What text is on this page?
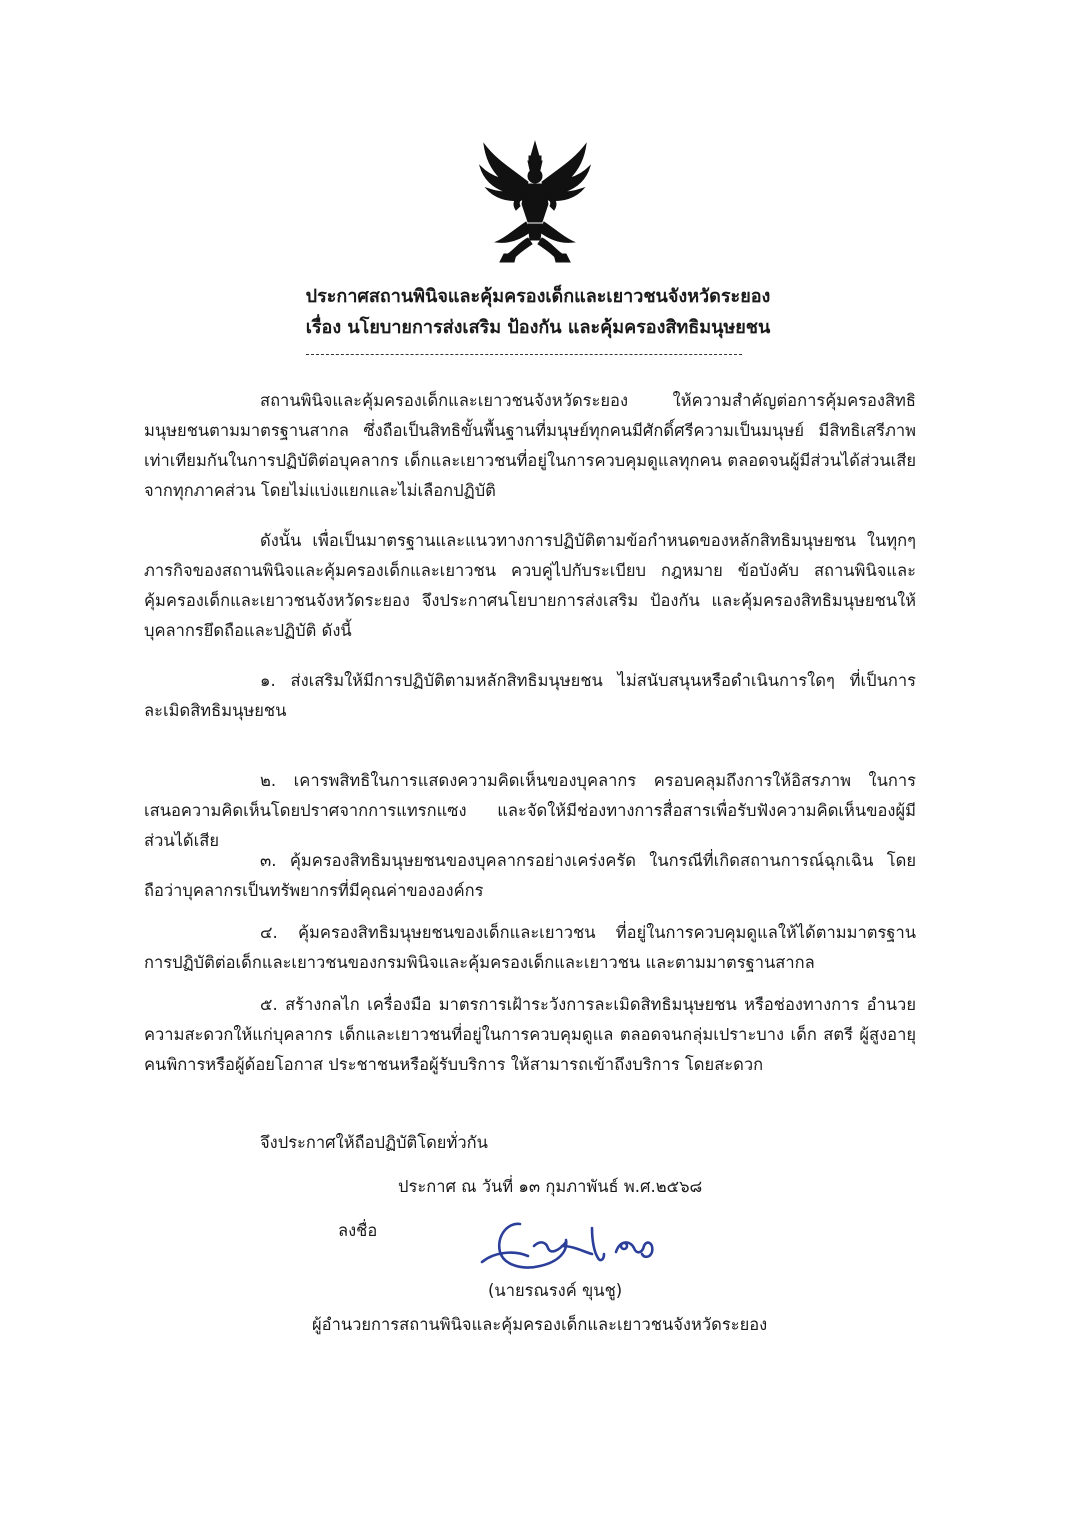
ประกาศสถานพินิจและคุ้มครองเด็กและเยาวชนจังหวัดระยอง
เรื่อง นโยบายการส่งเสริม ป้องกัน และคุ้มครองสิทธิมนุษยชน

สถานพินิจและคุ้มครองเด็กและเยาวชนจังหวัดระยอง ให้ความสำคัญต่อการคุ้มครองสิทธิมนุษยชนตามมาตรฐานสากล ซึ่งถือเป็นสิทธิขั้นพื้นฐานที่มนุษย์ทุกคนมีศักดิ์ศรีความเป็นมนุษย์ มีสิทธิเสรีภาพเท่าเทียมกันในการปฏิบัติต่อบุคลากร เด็กและเยาวชนที่อยู่ในการควบคุมดูแลทุกคน ตลอดจนผู้มีส่วนได้ส่วนเสียจากทุกภาคส่วน โดยไม่แบ่งแยกและไม่เลือกปฏิบัติ

ดังนั้น เพื่อเป็นมาตรฐานและแนวทางการปฏิบัติตามข้อกำหนดของหลักสิทธิมนุษยชน ในทุกๆ ภารกิจของสถานพินิจและคุ้มครองเด็กและเยาวชน ควบคู่ไปกับระเบียบ กฎหมาย ข้อบังคับ สถานพินิจและคุ้มครองเด็กและเยาวชนจังหวัดระยอง จึงประกาศนโยบายการส่งเสริม ป้องกัน และคุ้มครองสิทธิมนุษยชนให้บุคลากรยึดถือและปฏิบัติ ดังนี้

๑. ส่งเสริมให้มีการปฏิบัติตามหลักสิทธิมนุษยชน ไม่สนับสนุนหรือดำเนินการใดๆ ที่เป็นการละเมิดสิทธิมนุษยชน

๒. เคารพสิทธิในการแสดงความคิดเห็นของบุคลากร ครอบคลุมถึงการให้อิสรภาพ ในการเสนอความคิดเห็นโดยปราศจากการแทรกแซง และจัดให้มีช่องทางการสื่อสารเพื่อรับฟังความคิดเห็นของผู้มีส่วนได้เสีย

๓. คุ้มครองสิทธิมนุษยชนของบุคลากรอย่างเคร่งครัด ในกรณีที่เกิดสถานการณ์ฉุกเฉิน โดยถือว่าบุคลากรเป็นทรัพยากรที่มีคุณค่าขององค์กร

๔. คุ้มครองสิทธิมนุษยชนของเด็กและเยาวชน ที่อยู่ในการควบคุมดูแลให้ได้ตามมาตรฐาน การปฏิบัติต่อเด็กและเยาวชนของกรมพินิจและคุ้มครองเด็กและเยาวชน และตามมาตรฐานสากล

๕. สร้างกลไก เครื่องมือ มาตรการเฝ้าระวังการละเมิดสิทธิมนุษยชน หรือช่องทางการ อำนวยความสะดวกให้แก่บุคลากร เด็กและเยาวชนที่อยู่ในการควบคุมดูแล ตลอดจนกลุ่มเปราะบาง เด็ก สตรี ผู้สูงอายุ คนพิการหรือผู้ด้อยโอกาส ประชาชนหรือผู้รับบริการ ให้สามารถเข้าถึงบริการ โดยสะดวก

จึงประกาศให้ถือปฏิบัติโดยทั่วกัน
ประกาศ ณ วันที่ ๑๓ กุมภาพันธ์ พ.ศ.๒๕๖๘
ลงชื่อ
(นายรณรงค์ ขุนชู)
ผู้อำนวยการสถานพินิจและคุ้มครองเด็กและเยาวชนจังหวัดระยอง
